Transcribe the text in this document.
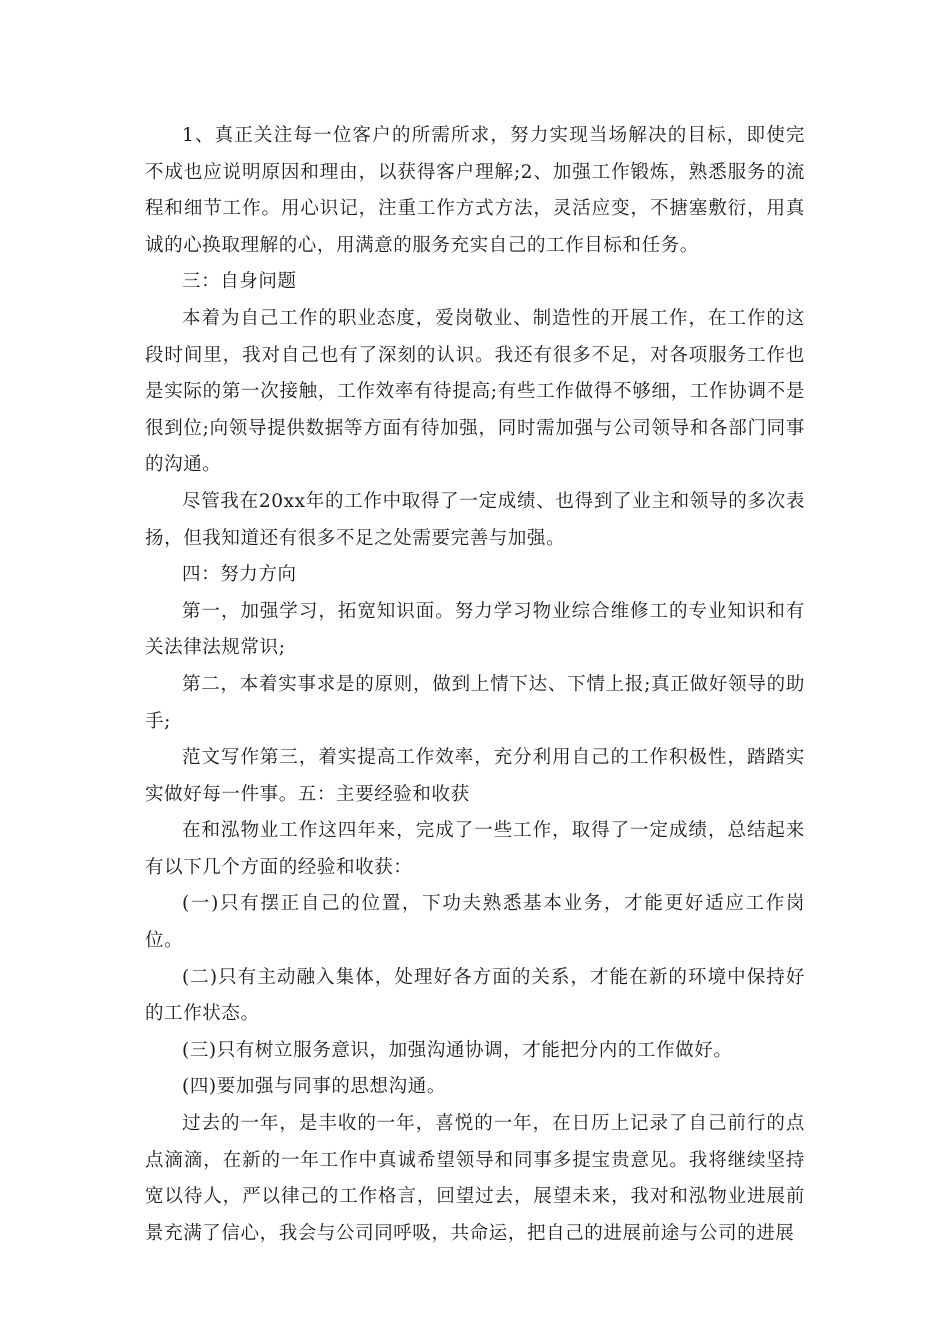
1、真正关注每一位客户的所需所求，努力实现当场解决的目标，即使完不成也应说明原因和理由，以获得客户理解;2、加强工作锻炼，熟悉服务的流程和细节工作。用心识记，注重工作方式方法，灵活应变，不搪塞敷衍，用真诚的心换取理解的心，用满意的服务充实自己的工作目标和任务。

三：自身问题

本着为自己工作的职业态度，爱岗敬业、制造性的开展工作，在工作的这段时间里，我对自己也有了深刻的认识。我还有很多不足，对各项服务工作也是实际的第一次接触，工作效率有待提高;有些工作做得不够细，工作协调不是很到位;向领导提供数据等方面有待加强，同时需加强与公司领导和各部门同事的沟通。

尽管我在20xx年的工作中取得了一定成绩、也得到了业主和领导的多次表扬，但我知道还有很多不足之处需要完善与加强。

四：努力方向

第一，加强学习，拓宽知识面。努力学习物业综合维修工的专业知识和有关法律法规常识;

第二，本着实事求是的原则，做到上情下达、下情上报;真正做好领导的助手;

范文写作第三，着实提高工作效率，充分利用自己的工作积极性，踏踏实实做好每一件事。五：主要经验和收获

在和泓物业工作这四年来，完成了一些工作，取得了一定成绩，总结起来有以下几个方面的经验和收获：

(一)只有摆正自己的位置，下功夫熟悉基本业务，才能更好适应工作岗位。

(二)只有主动融入集体，处理好各方面的关系，才能在新的环境中保持好的工作状态。

(三)只有树立服务意识，加强沟通协调，才能把分内的工作做好。

(四)要加强与同事的思想沟通。

过去的一年，是丰收的一年，喜悦的一年，在日历上记录了自己前行的点点滴滴，在新的一年工作中真诚希望领导和同事多提宝贵意见。我将继续坚持宽以待人，严以律己的工作格言，回望过去，展望未来，我对和泓物业进展前景充满了信心，我会与公司同呼吸，共命运，把自己的进展前途与公司的进展
